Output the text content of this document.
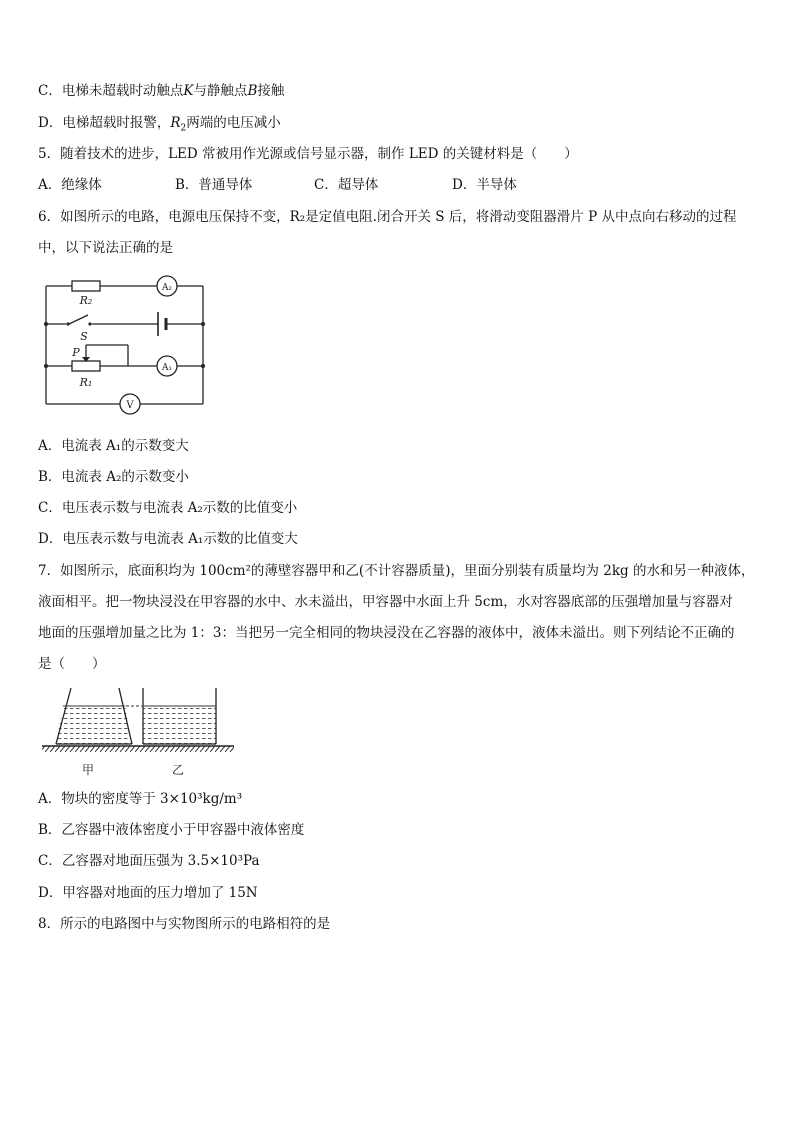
C．电梯未超载时动触点K与静触点B接触
D．电梯超载时报警，$R_2$两端的电压减小
5．随着技术的进步，LED 常被用作光源或信号显示器，制作 LED 的关键材料是（　　）
A．绝缘体	B．普通导体	C．超导体	D．半导体
6．如图所示的电路，电源电压保持不变，R₂是定值电阻.闭合开关 S 后，将滑动变阻器滑片 P 从中点向右移动的过程
中，以下说法正确的是
R₂
A₂
S
P
R₁
A₁
V
A．电流表 A₁的示数变大
B．电流表 A₂的示数变小
C．电压表示数与电流表 A₂示数的比值变小
D．电压表示数与电流表 A₁示数的比值变大
7．如图所示，底面积均为 100cm²的薄壁容器甲和乙(不计容器质量)，里面分别装有质量均为 2kg 的水和另一种液体，
液面相平。把一物块浸没在甲容器的水中、水未溢出，甲容器中水面上升 5cm，水对容器底部的压强增加量与容器对
地面的压强增加量之比为 1：3：当把另一完全相同的物块浸没在乙容器的液体中，液体未溢出。则下列结论不正确的
是（　　）
甲	乙
A．物块的密度等于 3×10³kg/m³
B．乙容器中液体密度小于甲容器中液体密度
C．乙容器对地面压强为 3.5×10³Pa
D．甲容器对地面的压力增加了 15N
8．所示的电路图中与实物图所示的电路相符的是
